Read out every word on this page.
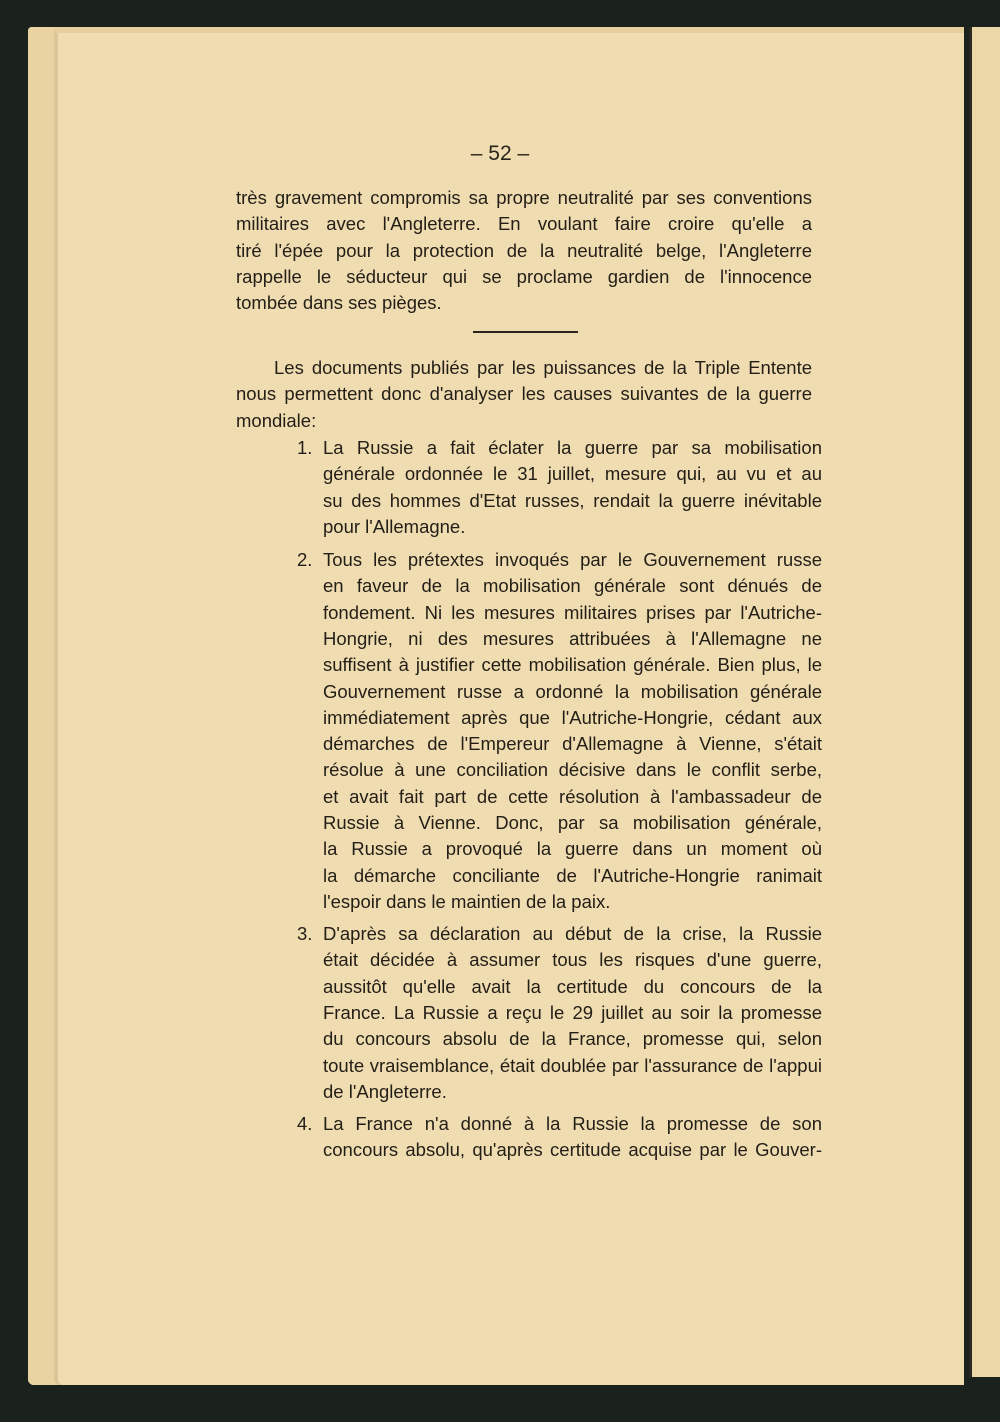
– 52 –
très gravement compromis sa propre neutralité par ses conventions
militaires avec l'Angleterre. En voulant faire croire qu'elle a
tiré l'épée pour la protection de la neutralité belge, l'Angleterre
rappelle le séducteur qui se proclame gardien de l'innocence
tombée dans ses pièges.
Les documents publiés par les puissances de la Triple Entente
nous permettent donc d'analyser les causes suivantes de la guerre
mondiale:
1. La Russie a fait éclater la guerre par sa mobilisation
générale ordonnée le 31 juillet, mesure qui, au vu et au
su des hommes d'Etat russes, rendait la guerre inévitable
pour l'Allemagne.
2. Tous les prétextes invoqués par le Gouvernement russe
en faveur de la mobilisation générale sont dénués de
fondement. Ni les mesures militaires prises par l'Autriche-
Hongrie, ni des mesures attribuées à l'Allemagne ne
suffisent à justifier cette mobilisation générale. Bien plus, le
Gouvernement russe a ordonné la mobilisation générale
immédiatement après que l'Autriche-Hongrie, cédant aux
démarches de l'Empereur d'Allemagne à Vienne, s'était
résolue à une conciliation décisive dans le conflit serbe,
et avait fait part de cette résolution à l'ambassadeur de
Russie à Vienne. Donc, par sa mobilisation générale,
la Russie a provoqué la guerre dans un moment où
la démarche conciliante de l'Autriche-Hongrie ranimait
l'espoir dans le maintien de la paix.
3. D'après sa déclaration au début de la crise, la Russie
était décidée à assumer tous les risques d'une guerre,
aussitôt qu'elle avait la certitude du concours de la
France. La Russie a reçu le 29 juillet au soir la promesse
du concours absolu de la France, promesse qui, selon
toute vraisemblance, était doublée par l'assurance de l'appui
de l'Angleterre.
4. La France n'a donné à la Russie la promesse de son
concours absolu, qu'après certitude acquise par le Gouver-
